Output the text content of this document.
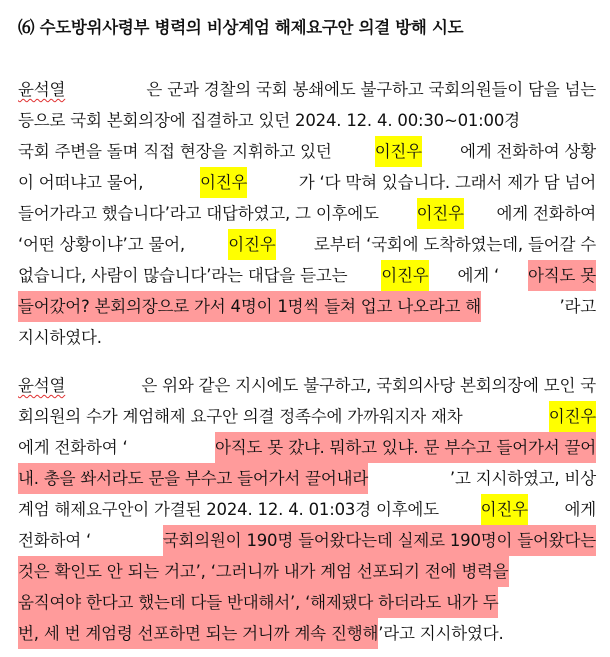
⑹ 수도방위사령부 병력의 비상계엄 해제요구안 의결 방해 시도
윤석열	은 군과 경찰의 국회 봉쇄에도 불구하고 국회의원들이 담을 넘는
등으로 국회 본회의장에 집결하고 있던 2024. 12. 4. 00:30~01:00경
국회 주변을 돌며 직접 현장을 지휘하고 있던 이진우 에게 전화하여 상황
이 어떠냐고 물어,	이진우	가 ‘다 막혀 있습니다. 그래서 제가 담 넘어
들어가라고 했습니다’라고 대답하였고, 그 이후에도 이진우 에게 전화하여
‘어떤 상황이냐’고 물어, 이진우 로부터 ‘국회에 도착하였는데, 들어갈 수
없습니다, 사람이 많습니다’라는 대답을 듣고는 이진우 에게 ‘ 아직도 못
들어갔어? 본회의장으로 가서 4명이 1명씩 들쳐 업고 나오라고 해	’라고
지시하였다.
윤석열	은 위와 같은 지시에도 불구하고, 국회의사당 본회의장에 모인 국
회의원의 수가 계엄해제 요구안 의결 정족수에 가까워지자 재차	이진우
에게 전화하여 ‘	아직도 못 갔냐. 뭐하고 있냐. 문 부수고 들어가서 끌어
내. 총을 쏴서라도 문을 부수고 들어가서 끌어내라	’고 지시하였고, 비상
계엄 해제요구안이 가결된 2024. 12. 4. 01:03경 이후에도 이진우 에게
전화하여 ‘	국회의원이 190명 들어왔다는데 실제로 190명이 들어왔다는
것은 확인도 안 되는 거고’, ‘그러니까 내가 계엄 선포되기 전에 병력을
움직여야 한다고 했는데 다들 반대해서’, ‘해제됐다 하더라도 내가 두
번, 세 번 계엄령 선포하면 되는 거니까 계속 진행해 ’라고 지시하였다.
